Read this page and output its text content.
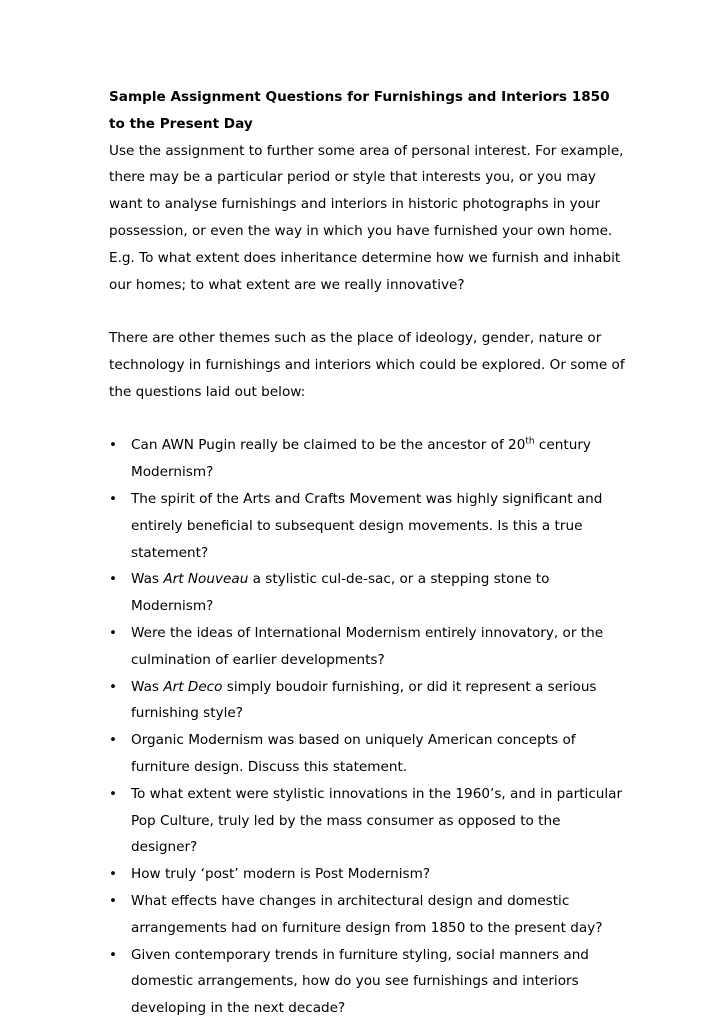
Sample Assignment Questions for Furnishings and Interiors 1850 to the Present Day

Use the assignment to further some area of personal interest. For example, there may be a particular period or style that interests you, or you may want to analyse furnishings and interiors in historic photographs in your possession, or even the way in which you have furnished your own home. E.g. To what extent does inheritance determine how we furnish and inhabit our homes; to what extent are we really innovative?

There are other themes such as the place of ideology, gender, nature or technology in furnishings and interiors which could be explored. Or some of the questions laid out below:

• Can AWN Pugin really be claimed to be the ancestor of 20th century Modernism?
• The spirit of the Arts and Crafts Movement was highly significant and entirely beneficial to subsequent design movements. Is this a true statement?
• Was Art Nouveau a stylistic cul-de-sac, or a stepping stone to Modernism?
• Were the ideas of International Modernism entirely innovatory, or the culmination of earlier developments?
• Was Art Deco simply boudoir furnishing, or did it represent a serious furnishing style?
• Organic Modernism was based on uniquely American concepts of furniture design. Discuss this statement.
• To what extent were stylistic innovations in the 1960’s, and in particular Pop Culture, truly led by the mass consumer as opposed to the designer?
• How truly ‘post’ modern is Post Modernism?
• What effects have changes in architectural design and domestic arrangements had on furniture design from 1850 to the present day?
• Given contemporary trends in furniture styling, social manners and domestic arrangements, how do you see furnishings and interiors developing in the next decade?
